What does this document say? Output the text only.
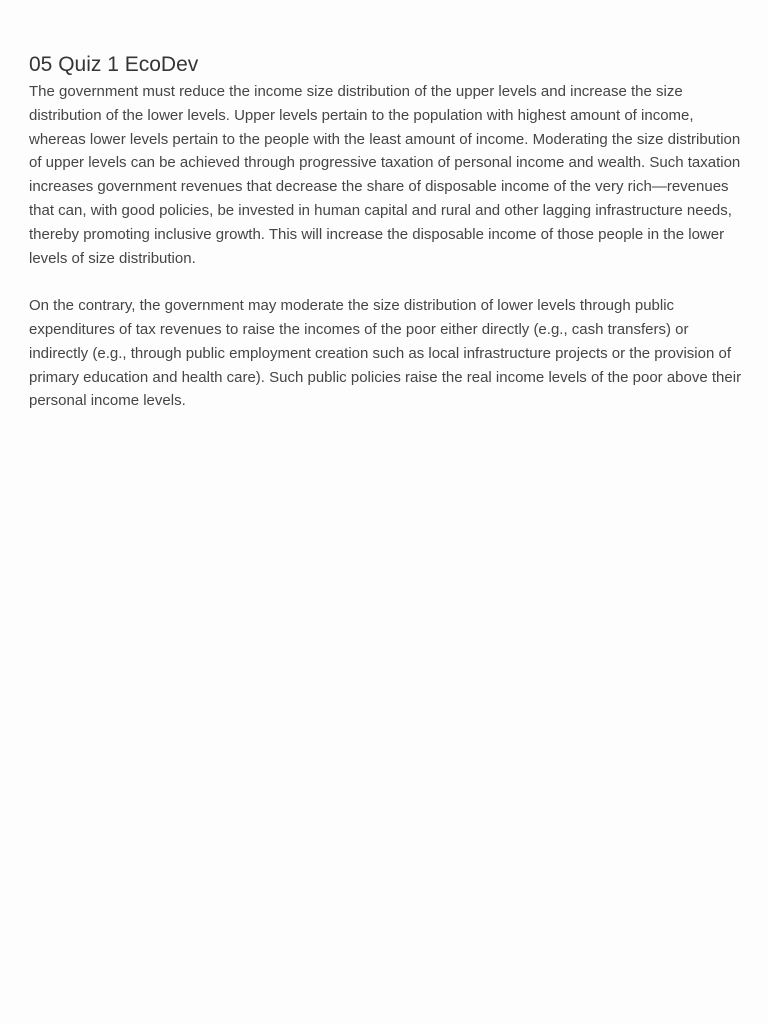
05 Quiz 1 EcoDev

The government must reduce the income size distribution of the upper levels and increase the size distribution of the lower levels. Upper levels pertain to the population with highest amount of income, whereas lower levels pertain to the people with the least amount of income. Moderating the size distribution of upper levels can be achieved through progressive taxation of personal income and wealth. Such taxation increases government revenues that decrease the share of disposable income of the very rich—revenues that can, with good policies, be invested in human capital and rural and other lagging infrastructure needs, thereby promoting inclusive growth. This will increase the disposable income of those people in the lower levels of size distribution.

On the contrary, the government may moderate the size distribution of lower levels through public expenditures of tax revenues to raise the incomes of the poor either directly (e.g., cash transfers) or indirectly (e.g., through public employment creation such as local infrastructure projects or the provision of primary education and health care). Such public policies raise the real income levels of the poor above their personal income levels.
